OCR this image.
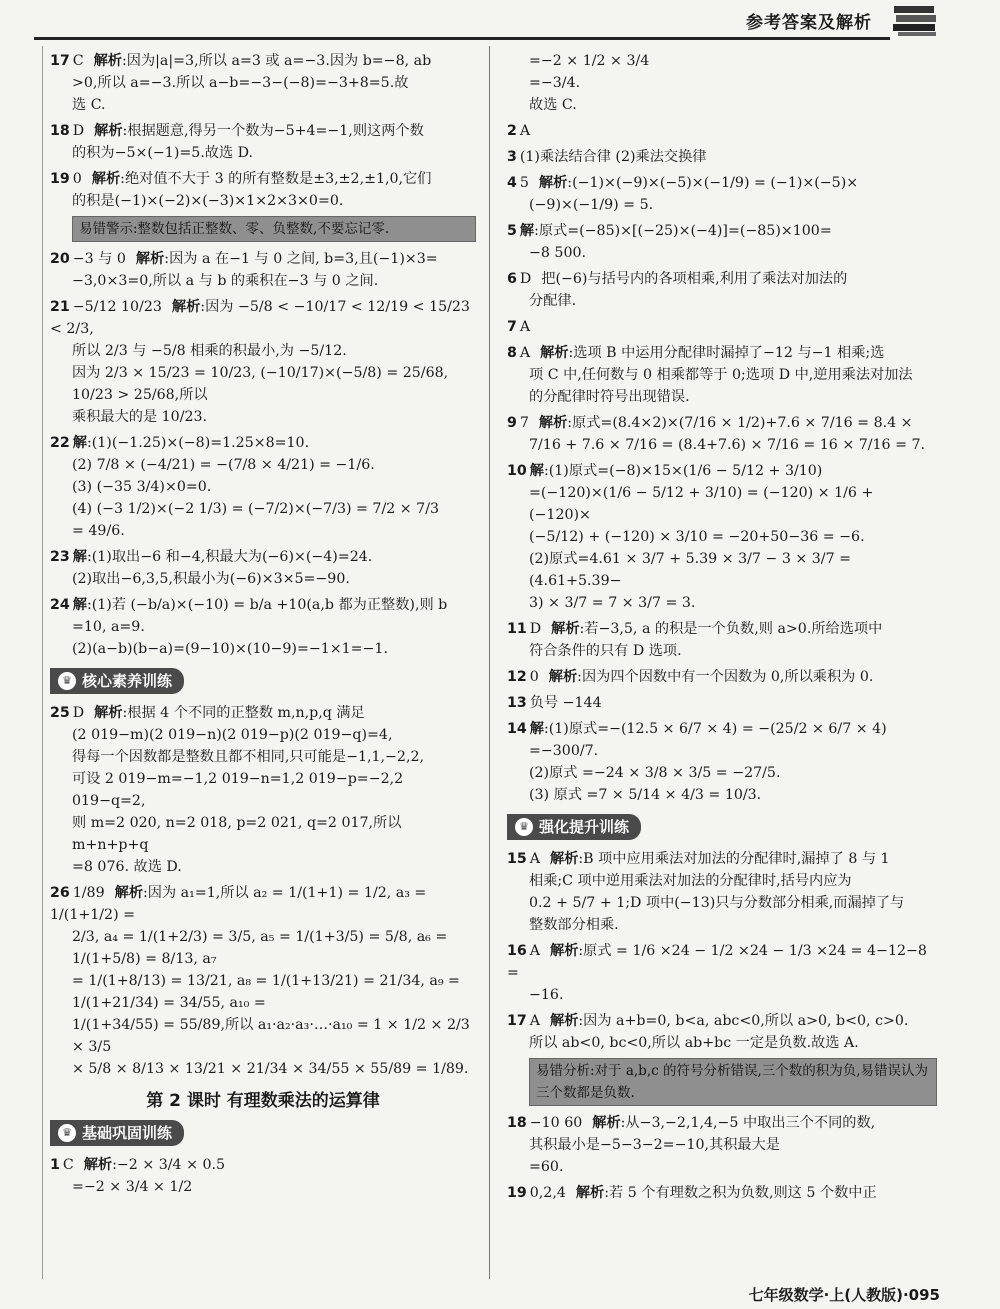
参考答案及解析
17 C 解析:因为|a|=3,所以 a=3 或 a=−3.因为 b=−8, ab
>0,所以 a=−3.所以 a−b=−3−(−8)=−3+8=5.故
选 C.
18 D 解析:根据题意,得另一个数为−5+4=−1,则这两个数
的积为−5×(−1)=5.故选 D.
19 0 解析:绝对值不大于 3 的所有整数是±3,±2,±1,0,它们
的积是(−1)×(−2)×(−3)×1×2×3×0=0.
易错警示:整数包括正整数、零、负整数,不要忘记零.
20 −3 与 0 解析:因为 a 在−1 与 0 之间, b=3,且(−1)×3=
−3,0×3=0,所以 a 与 b 的乘积在−3 与 0 之间.
21 −5/12 10/23 解析:因为 −5/8 < −10/17 < 12/19 < 15/23 < 2/3,
所以 2/3 与 −5/8 相乘的积最小,为 −5/12.
因为 2/3 × 15/23 = 10/23, (−10/17)×(−5/8) = 25/68, 10/23 > 25/68,所以
乘积最大的是 10/23.
22 解:(1)(−1.25)×(−8)=1.25×8=10.
(2) 7/8 × (−4/21) = −(7/8 × 4/21) = −1/6.
(3) (−35 3/4)×0=0.
(4) (−3 1/2)×(−2 1/3) = (−7/2)×(−7/3) = 7/2 × 7/3
= 49/6.
23 解:(1)取出−6 和−4,积最大为(−6)×(−4)=24.
(2)取出−6,3,5,积最小为(−6)×3×5=−90.
24 解:(1)若 (−b/a)×(−10) = b/a +10(a,b 都为正整数),则 b
=10, a=9.
(2)(a−b)(b−a)=(9−10)×(10−9)=−1×1=−1.
♛ 核心素养训练
25 D 解析:根据 4 个不同的正整数 m,n,p,q 满足
(2 019−m)(2 019−n)(2 019−p)(2 019−q)=4,
得每一个因数都是整数且都不相同,只可能是−1,1,−2,2,
可设 2 019−m=−1,2 019−n=1,2 019−p=−2,2 019−q=2,
则 m=2 020, n=2 018, p=2 021, q=2 017,所以 m+n+p+q
=8 076. 故选 D.
26 1/89 解析:因为 a₁=1,所以 a₂ = 1/(1+1) = 1/2, a₃ = 1/(1+1/2) =
2/3, a₄ = 1/(1+2/3) = 3/5, a₅ = 1/(1+3/5) = 5/8, a₆ = 1/(1+5/8) = 8/13, a₇
= 1/(1+8/13) = 13/21, a₈ = 1/(1+13/21) = 21/34, a₉ = 1/(1+21/34) = 34/55, a₁₀ =
1/(1+34/55) = 55/89,所以 a₁·a₂·a₃·…·a₁₀ = 1 × 1/2 × 2/3 × 3/5
× 5/8 × 8/13 × 13/21 × 21/34 × 34/55 × 55/89 = 1/89.
第 2 课时 有理数乘法的运算律
♛ 基础巩固训练
1 C 解析:−2 × 3/4 × 0.5
=−2 × 3/4 × 1/2
=−2 × 1/2 × 3/4
=−3/4.
故选 C.
2 A
3 (1)乘法结合律 (2)乘法交换律
4 5 解析:(−1)×(−9)×(−5)×(−1/9) = (−1)×(−5)×
(−9)×(−1/9) = 5.
5 解:原式=(−85)×[(−25)×(−4)]=(−85)×100=
−8 500.
6 D 把(−6)与括号内的各项相乘,利用了乘法对加法的
分配律.
7 A
8 A 解析:选项 B 中运用分配律时漏掉了−12 与−1 相乘;选
项 C 中,任何数与 0 相乘都等于 0;选项 D 中,逆用乘法对加法
的分配律时符号出现错误.
9 7 解析:原式=(8.4×2)×(7/16 × 1/2)+7.6 × 7/16 = 8.4 ×
7/16 + 7.6 × 7/16 = (8.4+7.6) × 7/16 = 16 × 7/16 = 7.
10 解:(1)原式=(−8)×15×(1/6 − 5/12 + 3/10)
=(−120)×(1/6 − 5/12 + 3/10) = (−120) × 1/6 + (−120)×
(−5/12) + (−120) × 3/10 = −20+50−36 = −6.
(2)原式=4.61 × 3/7 + 5.39 × 3/7 − 3 × 3/7 = (4.61+5.39−
3) × 3/7 = 7 × 3/7 = 3.
11 D 解析:若−3,5, a 的积是一个负数,则 a>0.所给选项中
符合条件的只有 D 选项.
12 0 解析:因为四个因数中有一个因数为 0,所以乘积为 0.
13 负号 −144
14 解:(1)原式=−(12.5 × 6/7 × 4) = −(25/2 × 6/7 × 4)
=−300/7.
(2)原式 =−24 × 3/8 × 3/5 = −27/5.
(3) 原式 =7 × 5/14 × 4/3 = 10/3.
♛ 强化提升训练
15 A 解析:B 项中应用乘法对加法的分配律时,漏掉了 8 与 1
相乘;C 项中逆用乘法对加法的分配律时,括号内应为
0.2 + 5/7 + 1;D 项中(−13)只与分数部分相乘,而漏掉了与
整数部分相乘.
16 A 解析:原式 = 1/6 ×24 − 1/2 ×24 − 1/3 ×24 = 4−12−8 =
−16.
17 A 解析:因为 a+b=0, b<a, abc<0,所以 a>0, b<0, c>0.
所以 ab<0, bc<0,所以 ab+bc 一定是负数.故选 A.
易错分析:对于 a,b,c 的符号分析错误,三个数的积为负,易错误认为三个数都是负数.
18 −10 60 解析:从−3,−2,1,4,−5 中取出三个不同的数,
其积最小是−5−3−2=−10,其积最大是
=60.
19 0,2,4 解析:若 5 个有理数之积为负数,则这 5 个数中正
七年级数学·上(人教版)·095
